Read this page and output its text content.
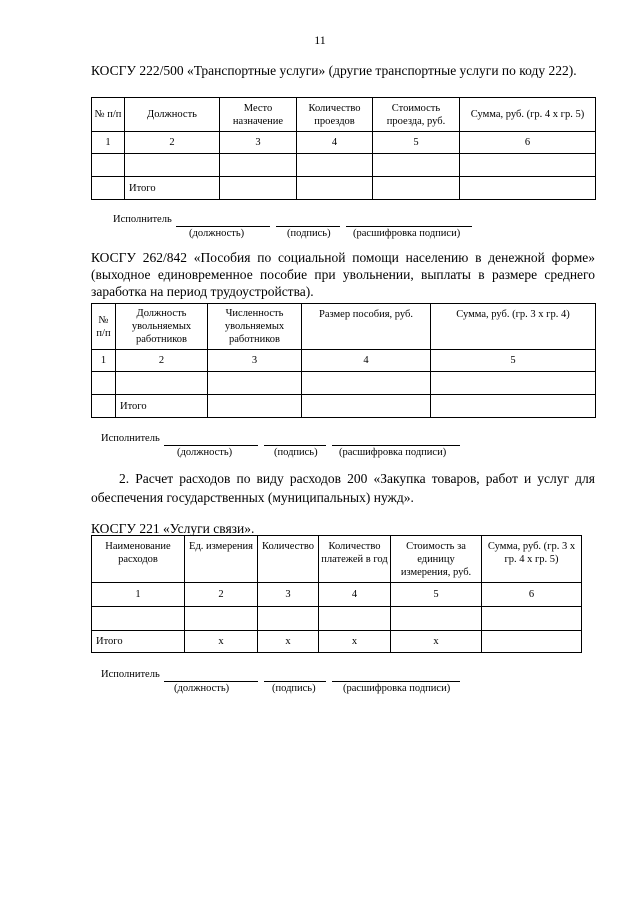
11
КОСГУ 222/500 «Транспортные услуги» (другие транспортные услуги по коду 222).
№ п/п	Должность	Место назначение	Количество проездов	Стоимость проезда, руб.	Сумма, руб. (гр. 4 х гр. 5)
1	2	3	4	5	6

	Итого				
Исполнитель
(должность)	(подпись) (расшифровка подписи)
КОСГУ 262/842 «Пособия по социальной помощи населению в денежной форме» (выходное единовременное пособие при увольнении, выплаты в размере среднего заработка на период трудоустройства).
№ п/п	Должность увольняемых работников	Численность увольняемых работников	Размер пособия, руб.	Сумма, руб. (гр. 3 х гр. 4)
1	2	3	4	5

	Итого			
Исполнитель
(должность)	(подпись) (расшифровка подписи)
2. Расчет расходов по виду расходов 200 «Закупка товаров, работ и услуг для обеспечения государственных (муниципальных) нужд».
КОСГУ 221 «Услуги связи».
Наименование расходов	Ед. измерения	Количество	Количество платежей в год	Стоимость за единицу измерения, руб.	Сумма, руб. (гр. 3 х гр. 4 х гр. 5)
1	2	3	4	5	6

Итого	x	x	x	x	
Исполнитель
(должность)	(подпись)	(расшифровка подписи)
